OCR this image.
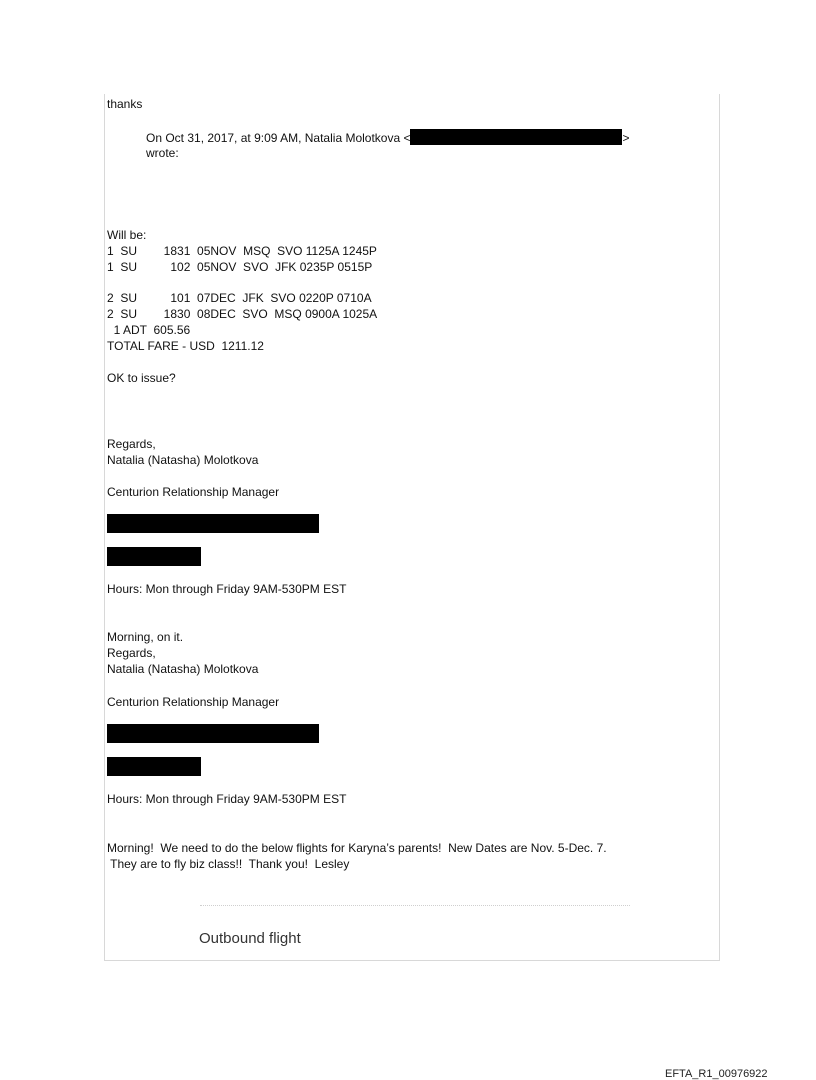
thanks

On Oct 31, 2017, at 9:09 AM, Natalia Molotkova <	>

wrote:

Will be:

1  SU        1831  05NOV  MSQ  SVO 1125A 1245P

1  SU          102  05NOV  SVO  JFK 0235P 0515P

2  SU          101  07DEC  JFK  SVO 0220P 0710A

2  SU        1830  08DEC  SVO  MSQ 0900A 1025A

1 ADT  605.56

TOTAL FARE - USD  1211.12

OK to issue?

Regards,

Natalia (Natasha) Molotkova

Centurion Relationship Manager

Hours: Mon through Friday 9AM-530PM EST

Morning, on it.

Regards,

Natalia (Natasha) Molotkova

Centurion Relationship Manager

Hours: Mon through Friday 9AM-530PM EST

Morning!  We need to do the below flights for Karyna’s parents!  New Dates are Nov. 5-Dec. 7.

They are to fly biz class!!  Thank you!  Lesley

Outbound flight

EFTA_R1_00976922
